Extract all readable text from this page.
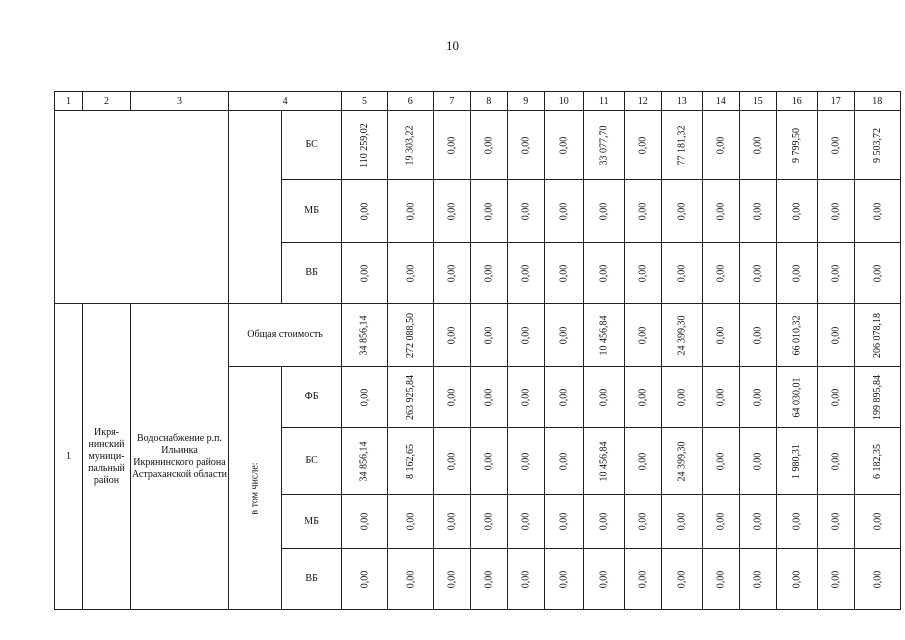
10
1	2	3	4		5	6	7	8	9	10	11	12	13	14	15	16	17	18
				БС	110 259,02	19 303,22	0,00	0,00	0,00	0,00	33 077,70	0,00	77 181,32	0,00	0,00	9 799,50	0,00	9 503,72
				МБ	0,00	0,00	0,00	0,00	0,00	0,00	0,00	0,00	0,00	0,00	0,00	0,00	0,00	0,00
				ВБ	0,00	0,00	0,00	0,00	0,00	0,00	0,00	0,00	0,00	0,00	0,00	0,00	0,00	0,00
1	Икря-нинский муници-пальный район	Водоснабжение р.п. Ильинка Икрянинского района Астраханской области	Общая стоимость		34 856,14	272 088,50	0,00	0,00	0,00	0,00	10 456,84	0,00	24 399,30	0,00	0,00	66 010,32	0,00	206 078,18
			в том числе:	ФБ	0,00	263 925,84	0,00	0,00	0,00	0,00	0,00	0,00	0,00	0,00	0,00	64 030,01	0,00	199 895,84
				БС	34 856,14	8 162,65	0,00	0,00	0,00	0,00	10 456,84	0,00	24 399,30	0,00	0,00	1 980,31	0,00	6 182,35
				МБ	0,00	0,00	0,00	0,00	0,00	0,00	0,00	0,00	0,00	0,00	0,00	0,00	0,00	0,00
				ВБ	0,00	0,00	0,00	0,00	0,00	0,00	0,00	0,00	0,00	0,00	0,00	0,00	0,00	0,00
